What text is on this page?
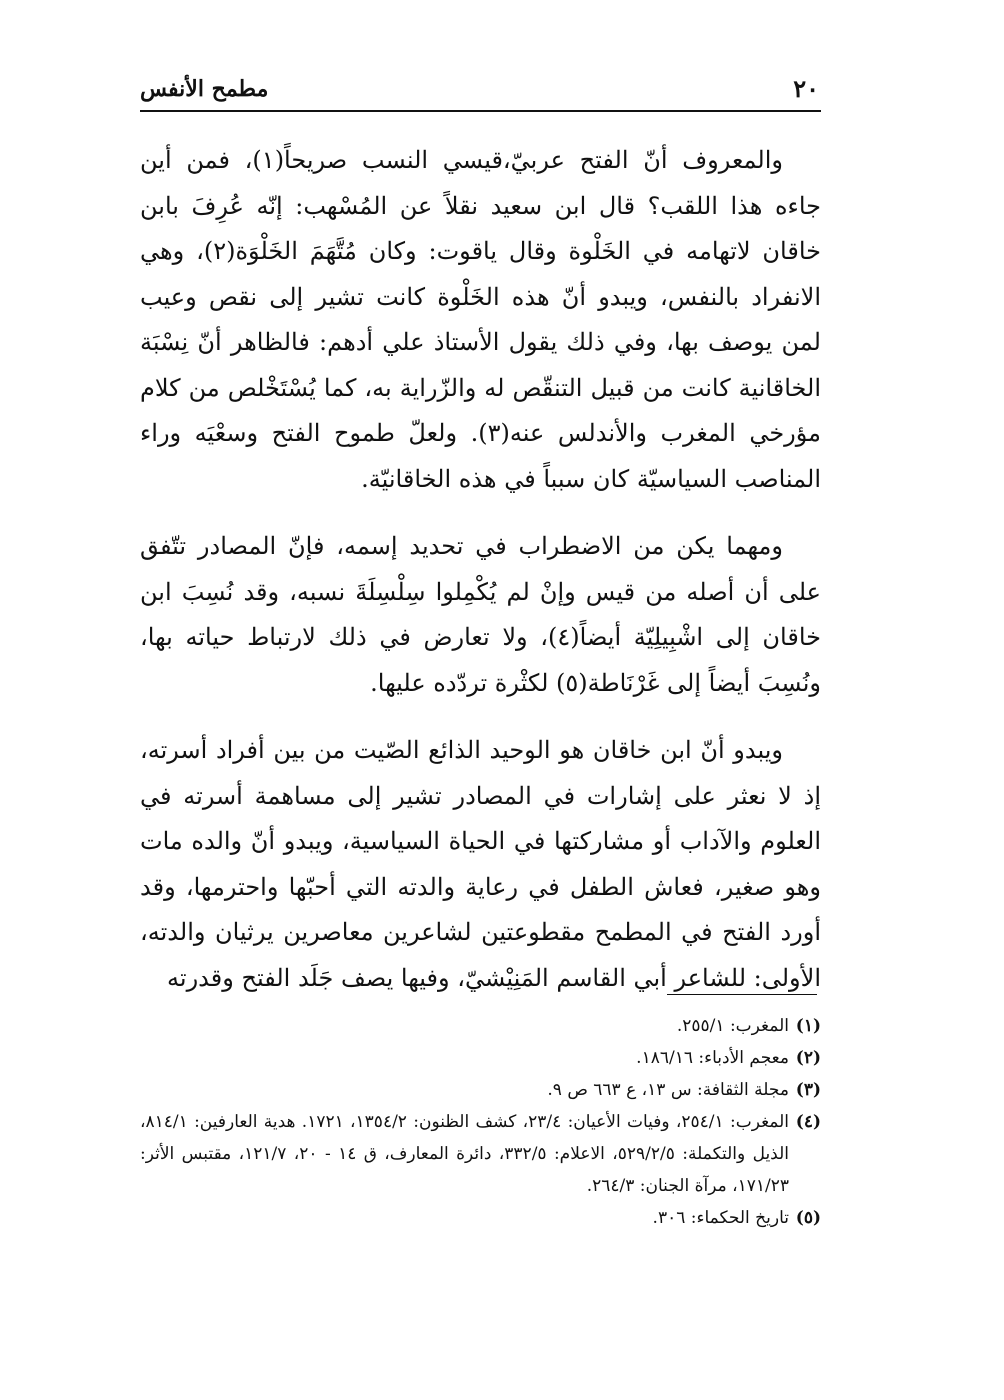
٢٠
مطمح الأنفس

والمعروف أنّ الفتح عربيّ،قيسي النسب صريحاً(١)، فمن أين جاءه هذا اللقب؟ قال ابن سعيد نقلاً عن المُسْهب: إنّه عُرِفَ بابن خاقان لاتهامه في الخَلْوة وقال ياقوت: وكان مُتَّهَمَ الخَلْوَة(٢)، وهي الانفراد بالنفس، ويبدو أنّ هذه الخَلْوة كانت تشير إلى نقص وعيب لمن يوصف بها، وفي ذلك يقول الأستاذ علي أدهم: فالظاهر أنّ نِسْبَة الخاقانية كانت من قبيل التنقّص له والزّراية به، كما يُسْتَخْلص من كلام مؤرخي المغرب والأندلس عنه(٣). ولعلّ طموح الفتح وسعْيَه وراء المناصب السياسيّة كان سبباً في هذه الخاقانيّة.

ومهما يكن من الاضطراب في تحديد إسمه، فإنّ المصادر تتّفق على أن أصله من قيس وإنْ لم يُكْمِلوا سِلْسِلَةَ نسبه، وقد نُسِبَ ابن خاقان إلى اشْبِيلِيّة أيضاً(٤)، ولا تعارض في ذلك لارتباط حياته بها، ونُسِبَ أيضاً إلى غَرْنَاطة(٥) لكثْرة تردّده عليها.

ويبدو أنّ ابن خاقان هو الوحيد الذائع الصّيت من بين أفراد أسرته، إذ لا نعثر على إشارات في المصادر تشير إلى مساهمة أسرته في العلوم والآداب أو مشاركتها في الحياة السياسية، ويبدو أنّ والده مات وهو صغير، فعاش الطفل في رعاية والدته التي أحبّها واحترمها، وقد أورد الفتح في المطمح مقطوعتين لشاعرين معاصرين يرثيان والدته، الأولى: للشاعر أبي القاسم المَنِيْشيّ، وفيها يصف جَلَد الفتح وقدرته

(١)المغرب: ٢٥٥/١.

(٢)معجم الأدباء: ١٨٦/١٦.

(٣)مجلة الثقافة: س ١٣، ع ٦٦٣ ص ٩.

(٤)المغرب: ٢٥٤/١، وفيات الأعيان: ٢٣/٤، كشف الظنون: ١٣٥٤/٢، ١٧٢١. هدية العارفين: ٨١٤/١، الذيل والتكملة: ٥٢٩/٢/٥، الاعلام: ٣٣٢/٥، دائرة المعارف، ق ١٤ - ٢٠، ١٢١/٧، مقتبس الأثر: ١٧١/٢٣، مرآة الجنان: ٢٦٤/٣.

(٥)تاريخ الحكماء: ٣٠٦.
